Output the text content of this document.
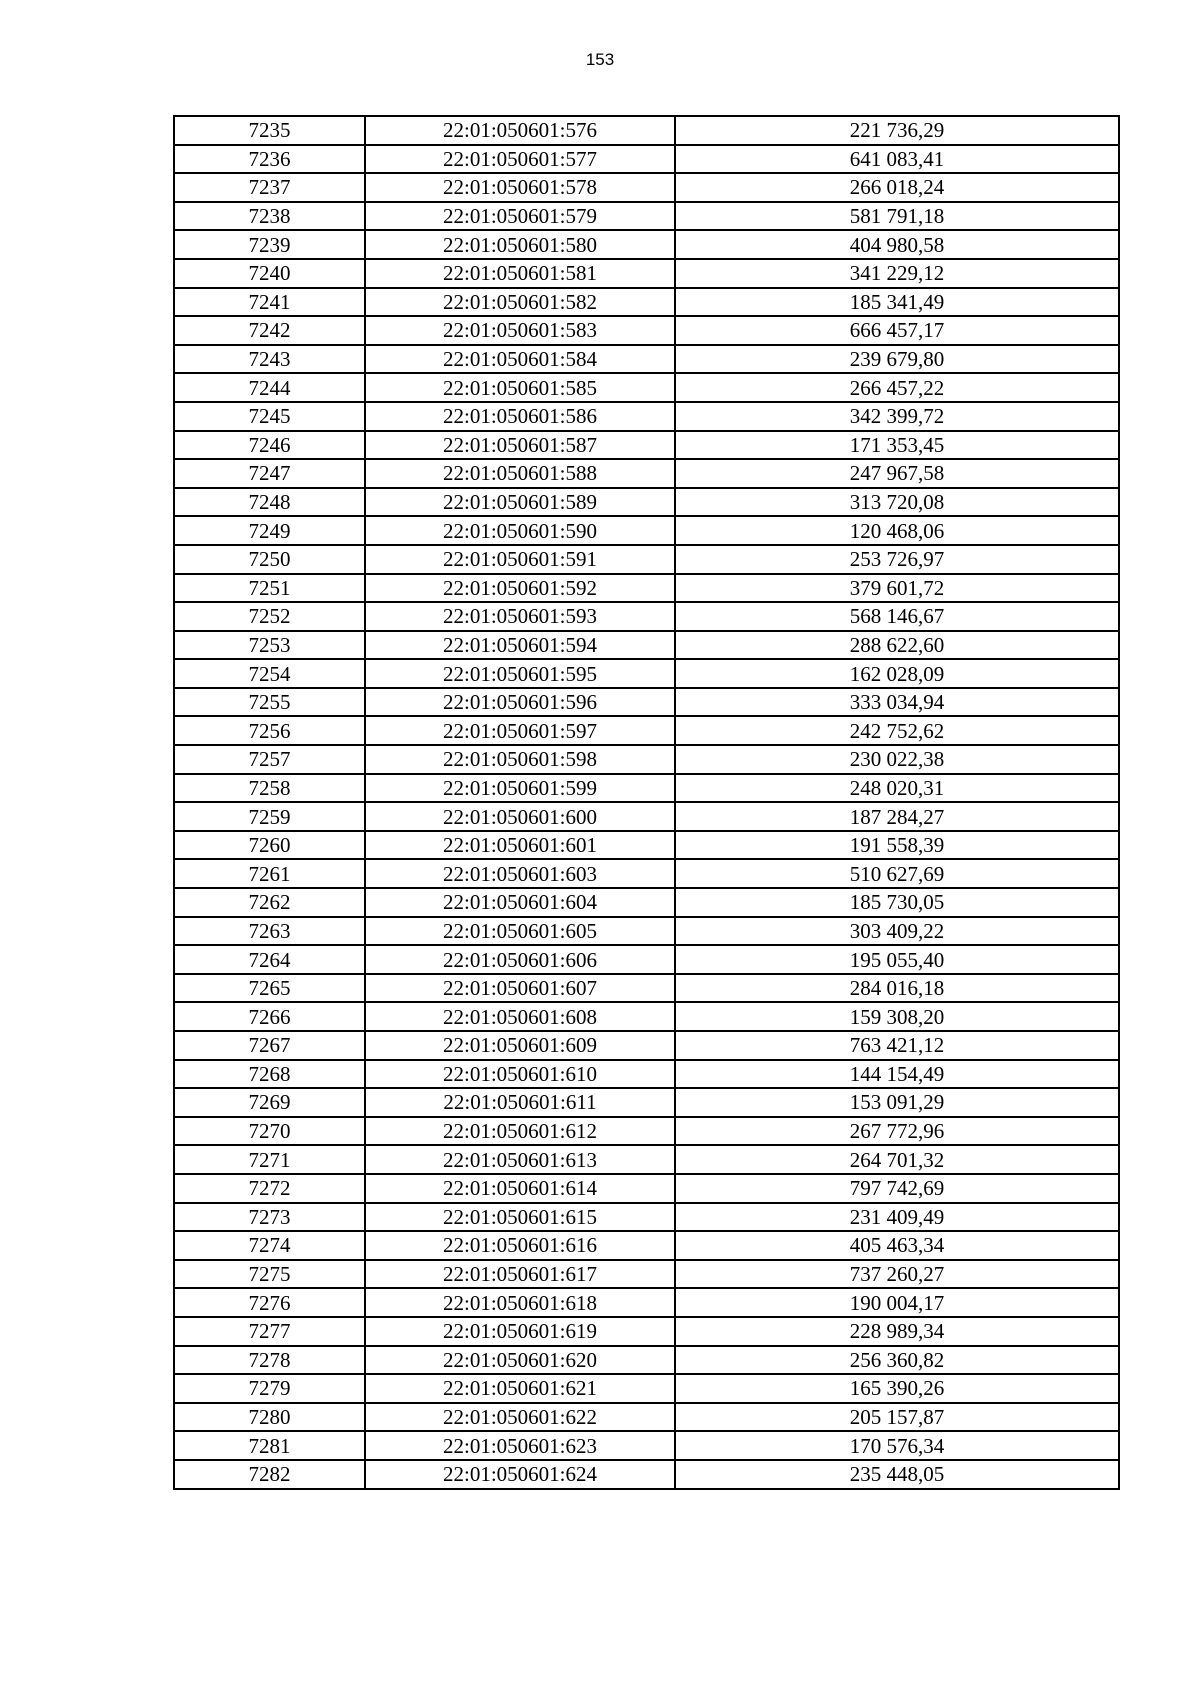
153
7235	22:01:050601:576	221 736,29
7236	22:01:050601:577	641 083,41
7237	22:01:050601:578	266 018,24
7238	22:01:050601:579	581 791,18
7239	22:01:050601:580	404 980,58
7240	22:01:050601:581	341 229,12
7241	22:01:050601:582	185 341,49
7242	22:01:050601:583	666 457,17
7243	22:01:050601:584	239 679,80
7244	22:01:050601:585	266 457,22
7245	22:01:050601:586	342 399,72
7246	22:01:050601:587	171 353,45
7247	22:01:050601:588	247 967,58
7248	22:01:050601:589	313 720,08
7249	22:01:050601:590	120 468,06
7250	22:01:050601:591	253 726,97
7251	22:01:050601:592	379 601,72
7252	22:01:050601:593	568 146,67
7253	22:01:050601:594	288 622,60
7254	22:01:050601:595	162 028,09
7255	22:01:050601:596	333 034,94
7256	22:01:050601:597	242 752,62
7257	22:01:050601:598	230 022,38
7258	22:01:050601:599	248 020,31
7259	22:01:050601:600	187 284,27
7260	22:01:050601:601	191 558,39
7261	22:01:050601:603	510 627,69
7262	22:01:050601:604	185 730,05
7263	22:01:050601:605	303 409,22
7264	22:01:050601:606	195 055,40
7265	22:01:050601:607	284 016,18
7266	22:01:050601:608	159 308,20
7267	22:01:050601:609	763 421,12
7268	22:01:050601:610	144 154,49
7269	22:01:050601:611	153 091,29
7270	22:01:050601:612	267 772,96
7271	22:01:050601:613	264 701,32
7272	22:01:050601:614	797 742,69
7273	22:01:050601:615	231 409,49
7274	22:01:050601:616	405 463,34
7275	22:01:050601:617	737 260,27
7276	22:01:050601:618	190 004,17
7277	22:01:050601:619	228 989,34
7278	22:01:050601:620	256 360,82
7279	22:01:050601:621	165 390,26
7280	22:01:050601:622	205 157,87
7281	22:01:050601:623	170 576,34
7282	22:01:050601:624	235 448,05
